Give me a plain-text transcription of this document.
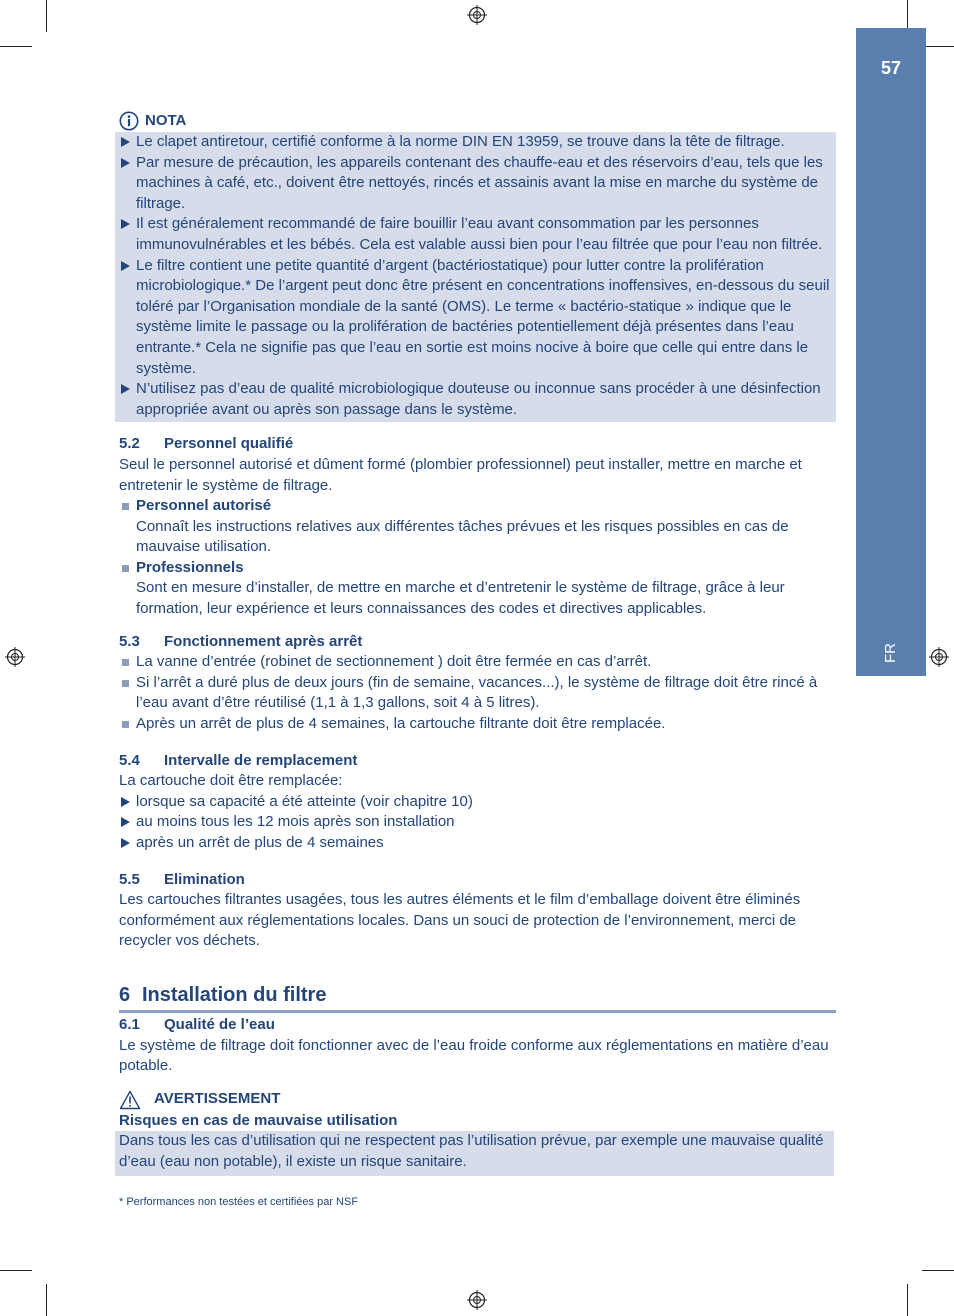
57
FR
NOTA
Le clapet antiretour, certifié conforme à la norme DIN EN 13959, se trouve dans la tête de filtrage.
Par mesure de précaution, les appareils contenant des chauffe-eau et des réservoirs d’eau, tels que les machines à café, etc., doivent être nettoyés, rincés et assainis avant la mise en marche du système de filtrage.
Il est généralement recommandé de faire bouillir l’eau avant consommation par les personnes immunovulnérables et les bébés. Cela est valable aussi bien pour l’eau filtrée que pour l’eau non filtrée.
Le filtre contient une petite quantité d’argent (bactériostatique) pour lutter contre la prolifération microbiologique.* De l’argent peut donc être présent en concentrations inoffensives, en-dessous du seuil toléré par l’Organisation mondiale de la santé (OMS). Le terme « bactério-statique » indique que le système limite le passage ou la prolifération de bactéries potentiellement déjà présentes dans l’eau entrante.* Cela ne signifie pas que l’eau en sortie est moins nocive à boire que celle qui entre dans le système.
N’utilisez pas d’eau de qualité microbiologique douteuse ou inconnue sans procéder à une désinfection appropriée avant ou après son passage dans le système.
5.2	Personnel qualifié
Seul le personnel autorisé et dûment formé (plombier professionnel) peut installer, mettre en marche et entretenir le système de filtrage.
Personnel autorisé
Connaît les instructions relatives aux différentes tâches prévues et les risques possibles en cas de mauvaise utilisation.
Professionnels
Sont en mesure d’installer, de mettre en marche et d’entretenir le système de filtrage, grâce à leur formation, leur expérience et leurs connaissances des codes et directives applicables.
5.3	Fonctionnement après arrêt
La vanne d’entrée (robinet de sectionnement ) doit être fermée en cas d’arrêt.
Si l’arrêt a duré plus de deux jours (fin de semaine, vacances...), le système de filtrage doit être rincé à l’eau avant d’être réutilisé (1,1 à 1,3 gallons, soit 4 à 5 litres).
Après un arrêt de plus de 4 semaines, la cartouche filtrante doit être remplacée.
5.4	Intervalle de remplacement
La cartouche doit être remplacée:
lorsque sa capacité a été atteinte (voir chapitre 10)
au moins tous les 12 mois après son installation
après un arrêt de plus de 4 semaines
5.5	Elimination
Les cartouches filtrantes usagées, tous les autres éléments et le film d’emballage doivent être éliminés conformément aux réglementations locales. Dans un souci de protection de l’environnement, merci de recycler vos déchets.
6 Installation du filtre
6.1	Qualité de l’eau
Le système de filtrage doit fonctionner avec de l’eau froide conforme aux réglementations en matière d’eau potable.
AVERTISSEMENT
Risques en cas de mauvaise utilisation
Dans tous les cas d’utilisation qui ne respectent pas l’utilisation prévue, par exemple une mauvaise qualité d’eau (eau non potable), il existe un risque sanitaire.
* Performances non testées et certifiées par NSF
